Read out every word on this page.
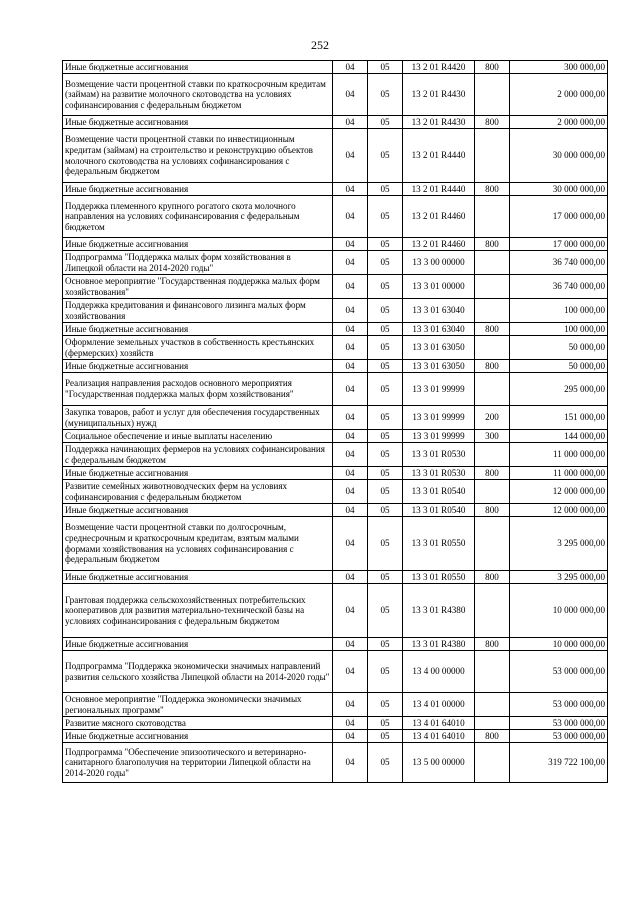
252
Иные бюджетные ассигнования	04	05	13 2 01 R4420	800	300 000,00
Возмещение части процентной ставки по краткосрочным кредитам (займам) на развитие молочного скотоводства на условиях софинансирования с федеральным бюджетом	04	05	13 2 01 R4430		2 000 000,00
Иные бюджетные ассигнования	04	05	13 2 01 R4430	800	2 000 000,00
Возмещение части процентной ставки по инвестиционным кредитам (займам) на строительство и реконструкцию объектов молочного скотоводства на условиях софинансирования с федеральным бюджетом	04	05	13 2 01 R4440		30 000 000,00
Иные бюджетные ассигнования	04	05	13 2 01 R4440	800	30 000 000,00
Поддержка племенного крупного рогатого скота молочного направления на условиях софинансирования с федеральным бюджетом	04	05	13 2 01 R4460		17 000 000,00
Иные бюджетные ассигнования	04	05	13 2 01 R4460	800	17 000 000,00
Подпрограмма "Поддержка малых форм хозяйствования в Липецкой области на 2014-2020 годы"	04	05	13 3 00 00000		36 740 000,00
Основное мероприятие "Государственная поддержка малых форм хозяйствования"	04	05	13 3 01 00000		36 740 000,00
Поддержка кредитования и финансового лизинга малых форм хозяйствования	04	05	13 3 01 63040		100 000,00
Иные бюджетные ассигнования	04	05	13 3 01 63040	800	100 000,00
Оформление земельных участков в собственность крестьянских (фермерских) хозяйств	04	05	13 3 01 63050		50 000,00
Иные бюджетные ассигнования	04	05	13 3 01 63050	800	50 000,00
Реализация направления расходов основного мероприятия "Государственная поддержка малых форм хозяйствования"	04	05	13 3 01 99999		295 000,00
Закупка товаров, работ и услуг для обеспечения государственных (муниципальных) нужд	04	05	13 3 01 99999	200	151 000,00
Социальное обеспечение и иные выплаты населению	04	05	13 3 01 99999	300	144 000,00
Поддержка начинающих фермеров на условиях софинансирования с федеральным бюджетом	04	05	13 3 01 R0530		11 000 000,00
Иные бюджетные ассигнования	04	05	13 3 01 R0530	800	11 000 000,00
Развитие семейных животноводческих ферм на условиях софинансирования с федеральным бюджетом	04	05	13 3 01 R0540		12 000 000,00
Иные бюджетные ассигнования	04	05	13 3 01 R0540	800	12 000 000,00
Возмещение части процентной ставки по долгосрочным, среднесрочным и краткосрочным кредитам, взятым малыми формами хозяйствования на условиях софинансирования с федеральным бюджетом	04	05	13 3 01 R0550		3 295 000,00
Иные бюджетные ассигнования	04	05	13 3 01 R0550	800	3 295 000,00
Грантовая поддержка сельскохозяйственных потребительских кооперативов для развития материально-технической базы на условиях софинансирования с федеральным бюджетом	04	05	13 3 01 R4380		10 000 000,00
Иные бюджетные ассигнования	04	05	13 3 01 R4380	800	10 000 000,00
Подпрограмма "Поддержка экономически значимых направлений развития сельского хозяйства Липецкой области на 2014-2020 годы"	04	05	13 4 00 00000		53 000 000,00
Основное мероприятие "Поддержка экономически значимых региональных программ"	04	05	13 4 01 00000		53 000 000,00
Развитие мясного скотоводства	04	05	13 4 01 64010		53 000 000,00
Иные бюджетные ассигнования	04	05	13 4 01 64010	800	53 000 000,00
Подпрограмма "Обеспечение эпизоотического и ветеринарно-санитарного благополучия на территории Липецкой области на 2014-2020 годы"	04	05	13 5 00 00000		319 722 100,00
